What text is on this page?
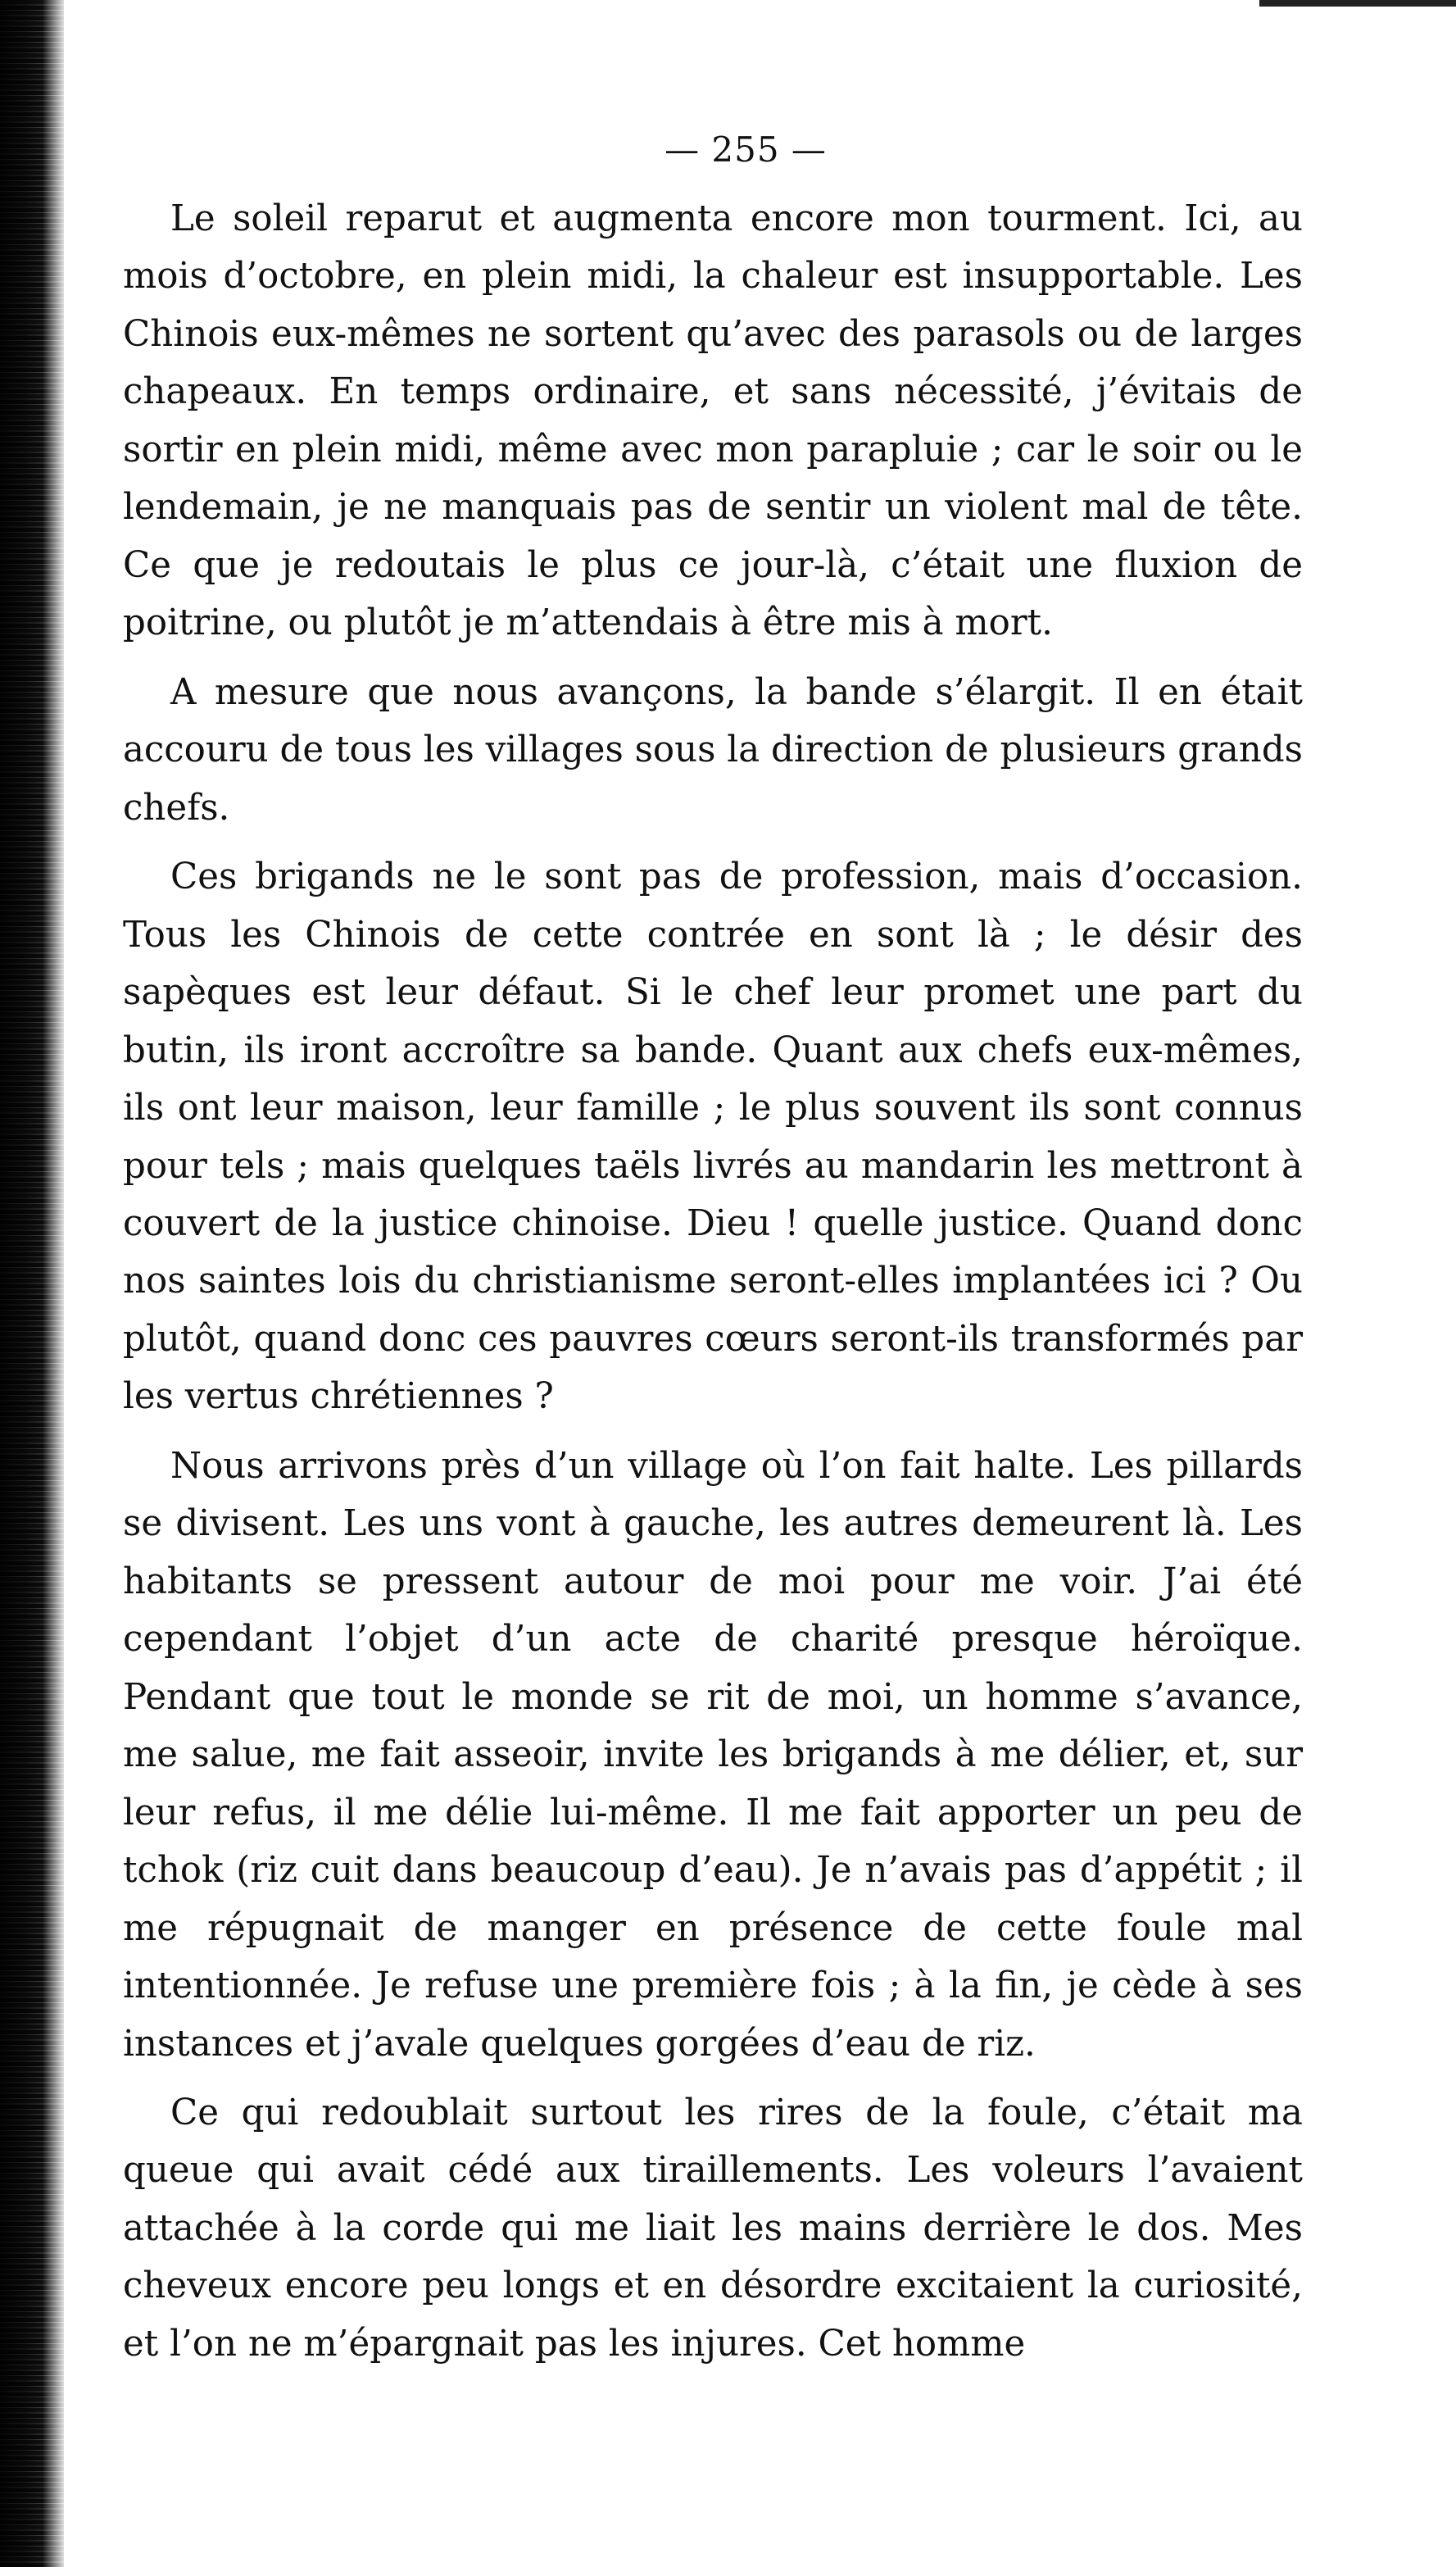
— 255 —

Le soleil reparut et augmenta encore mon tourment. Ici, au mois d’octobre, en plein midi, la chaleur est insupportable. Les Chinois eux-mêmes ne sortent qu’avec des parasols ou de larges chapeaux. En temps ordinaire, et sans nécessité, j’évitais de sortir en plein midi, même avec mon parapluie ; car le soir ou le lendemain, je ne manquais pas de sentir un violent mal de tête. Ce que je redoutais le plus ce jour-là, c’était une fluxion de poitrine, ou plutôt je m’attendais à être mis à mort.

A mesure que nous avançons, la bande s’élargit. Il en était accouru de tous les villages sous la direction de plusieurs grands chefs.

Ces brigands ne le sont pas de profession, mais d’occasion. Tous les Chinois de cette contrée en sont là ; le désir des sapèques est leur défaut. Si le chef leur promet une part du butin, ils iront accroître sa bande. Quant aux chefs eux-mêmes, ils ont leur maison, leur famille ; le plus souvent ils sont connus pour tels ; mais quelques taëls livrés au mandarin les mettront à couvert de la justice chinoise. Dieu ! quelle justice. Quand donc nos saintes lois du christianisme seront-elles implantées ici ? Ou plutôt, quand donc ces pauvres cœurs seront-ils transformés par les vertus chrétiennes ?

Nous arrivons près d’un village où l’on fait halte. Les pillards se divisent. Les uns vont à gauche, les autres demeurent là. Les habitants se pressent autour de moi pour me voir. J’ai été cependant l’objet d’un acte de charité presque héroïque. Pendant que tout le monde se rit de moi, un homme s’avance, me salue, me fait asseoir, invite les brigands à me délier, et, sur leur refus, il me délie lui-même. Il me fait apporter un peu de tchok (riz cuit dans beaucoup d’eau). Je n’avais pas d’appétit ; il me répugnait de manger en présence de cette foule mal intentionnée. Je refuse une première fois ; à la fin, je cède à ses instances et j’avale quelques gorgées d’eau de riz.

Ce qui redoublait surtout les rires de la foule, c’était ma queue qui avait cédé aux tiraillements. Les voleurs l’avaient attachée à la corde qui me liait les mains derrière le dos. Mes cheveux encore peu longs et en désordre excitaient la curiosité, et l’on ne m’épargnait pas les injures. Cet homme
